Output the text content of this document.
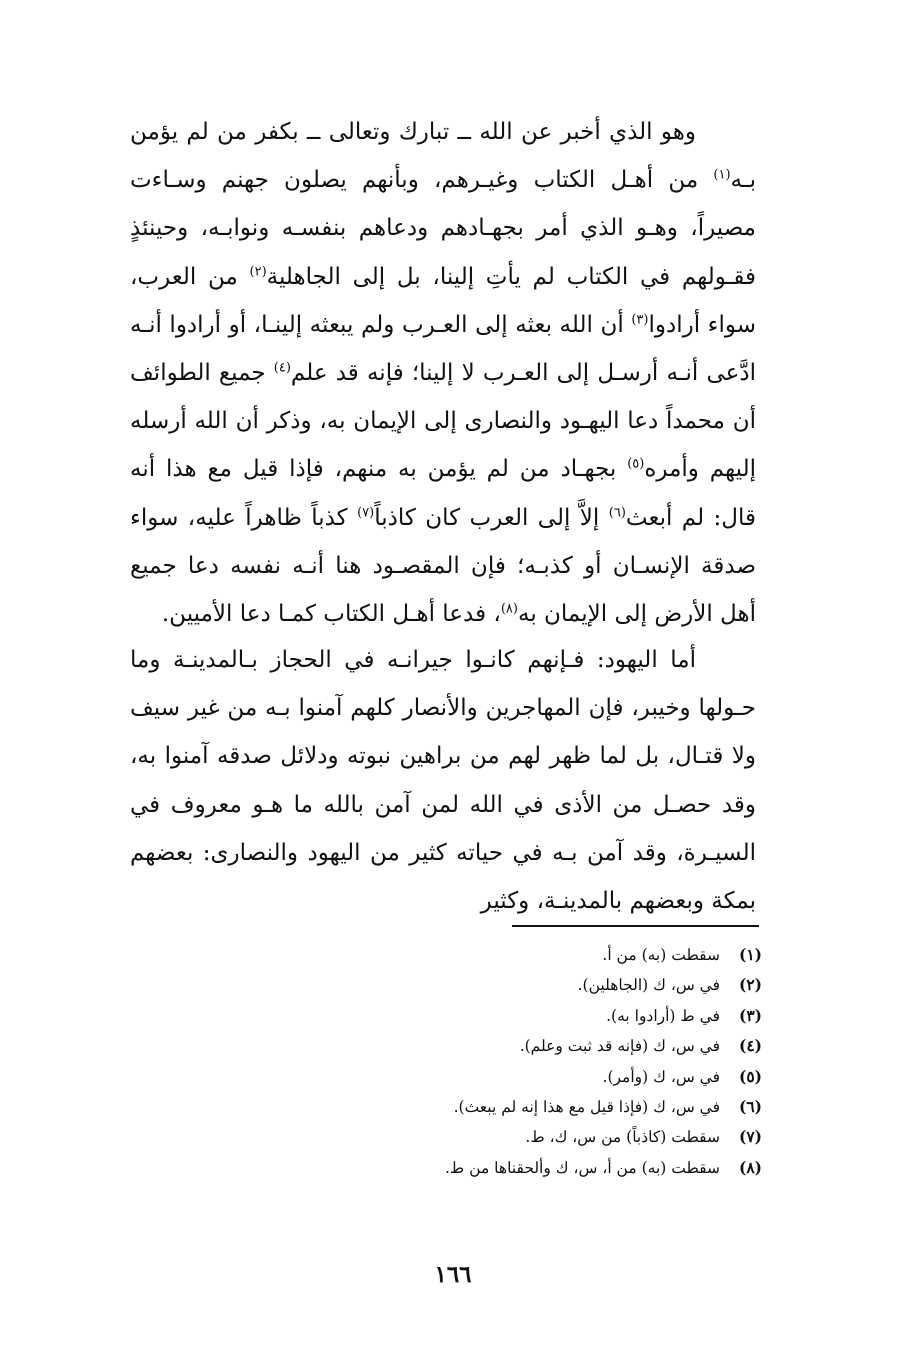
وهو الذي أخبر عن الله ــ تبارك وتعالى ــ بكفر من لم يؤمن بـه$^{(١)}$ من أهـل الكتاب وغيـرهم، وبأنهم يصلون جهنم وسـاءت مصيراً، وهـو الذي أمر بجهـادهم ودعاهم بنفسـه ونوابـه، وحينئذٍ فقـولهم في الكتاب لم يأتِ إلينا، بل إلى الجاهلية$^{(٢)}$ من العرب، سواء أرادوا$^{(٣)}$ أن الله بعثه إلى العـرب ولم يبعثه إلينـا، أو أرادوا أنـه ادَّعى أنـه أرسـل إلى العـرب لا إلينا؛ فإنه قد علم$^{(٤)}$ جميع الطوائف أن محمداً دعا اليهـود والنصارى إلى الإيمان به، وذكر أن الله أرسله إليهم وأمره$^{(٥)}$ بجهـاد من لم يؤمن به منهم، فإذا قيل مع هذا أنه قال: لم أبعث$^{(٦)}$ إلاَّ إلى العرب كان كاذباً$^{(٧)}$ كذباً ظاهراً عليه، سواء صدقة الإنسـان أو كذبـه؛ فإن المقصـود هنا أنـه نفسه دعا جميع أهل الأرض إلى الإيمان به$^{(٨)}$، فدعا أهـل الكتاب كمـا دعا الأميين.

أما اليهود: فـإنهم كانـوا جيرانـه في الحجاز بـالمدينـة وما حـولها وخيبر، فإن المهاجرين والأنصار كلهم آمنوا بـه من غير سيف ولا قتـال، بل لما ظهر لهم من براهين نبوته ودلائل صدقه آمنوا به، وقد حصـل من الأذى في الله لمن آمن بالله ما هـو معروف في السيـرة، وقد آمن بـه في حياته كثير من اليهود والنصارى: بعضهم بمكة وبعضهم بالمدينـة، وكثير

(١)سقطت (به) من أ.
(٢)في س، ك (الجاهلين).
(٣)في ط (أرادوا به).
(٤)في س، ك (فإنه قد ثبت وعلم).
(٥)في س، ك (وأمر).
(٦)في س، ك (فإذا قيل مع هذا إنه لم يبعث).
(٧)سقطت (كاذباً) من س، ك، ط.
(٨)سقطت (به) من أ، س، ك وألحقناها من ط.
١٦٦
